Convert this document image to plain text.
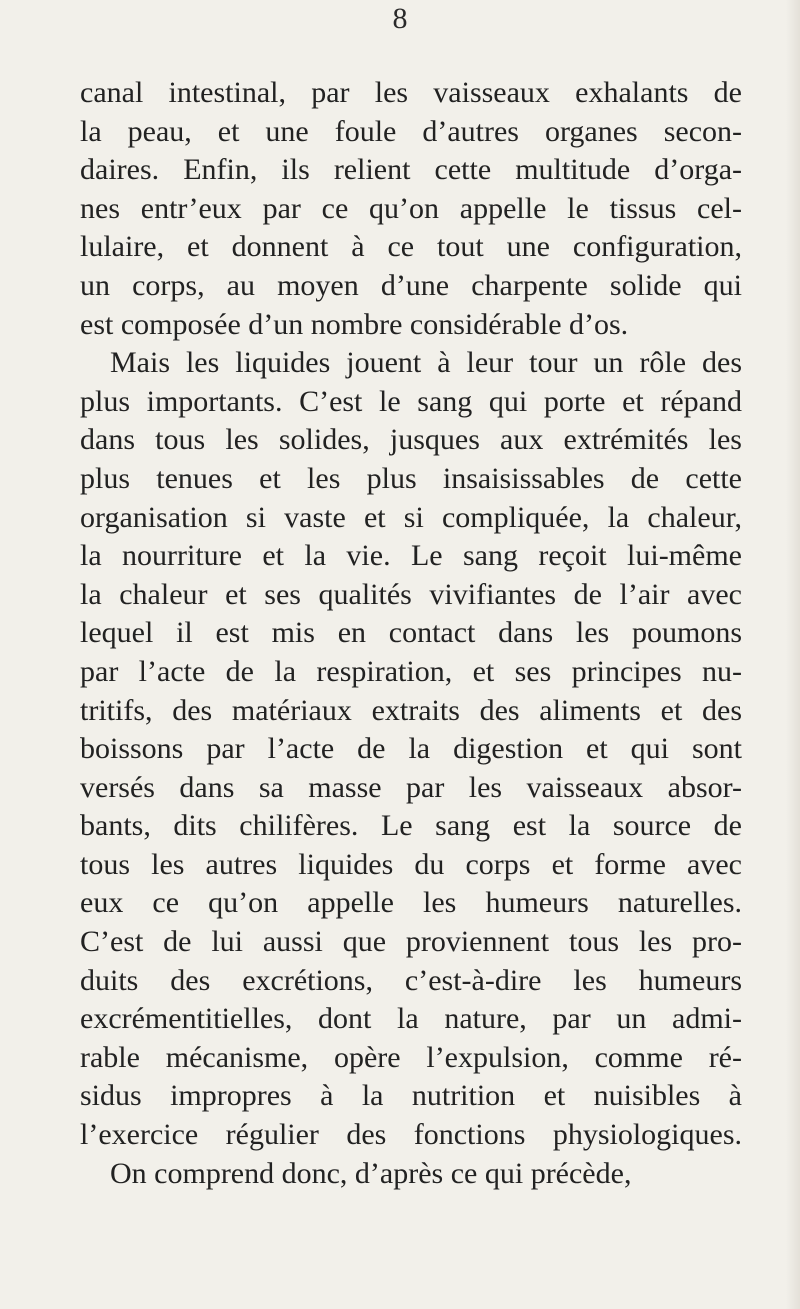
8
canal intestinal, par les vaisseaux exhalants de
la peau, et une foule d’autres organes secon-
daires. Enfin, ils relient cette multitude d’orga-
nes entr’eux par ce qu’on appelle le tissus cel-
lulaire, et donnent à ce tout une configuration,
un corps, au moyen d’une charpente solide qui
est composée d’un nombre considérable d’os.
Mais les liquides jouent à leur tour un rôle des
plus importants. C’est le sang qui porte et répand
dans tous les solides, jusques aux extrémités les
plus tenues et les plus insaisissables de cette
organisation si vaste et si compliquée, la chaleur,
la nourriture et la vie. Le sang reçoit lui-même
la chaleur et ses qualités vivifiantes de l’air avec
lequel il est mis en contact dans les poumons
par l’acte de la respiration, et ses principes nu-
tritifs, des matériaux extraits des aliments et des
boissons par l’acte de la digestion et qui sont
versés dans sa masse par les vaisseaux absor-
bants, dits chilifères. Le sang est la source de
tous les autres liquides du corps et forme avec
eux ce qu’on appelle les humeurs naturelles.
C’est de lui aussi que proviennent tous les pro-
duits des excrétions, c’est-à-dire les humeurs
excrémentitielles, dont la nature, par un admi-
rable mécanisme, opère l’expulsion, comme ré-
sidus impropres à la nutrition et nuisibles à
l’exercice régulier des fonctions physiologiques.
On comprend donc, d’après ce qui précède,
